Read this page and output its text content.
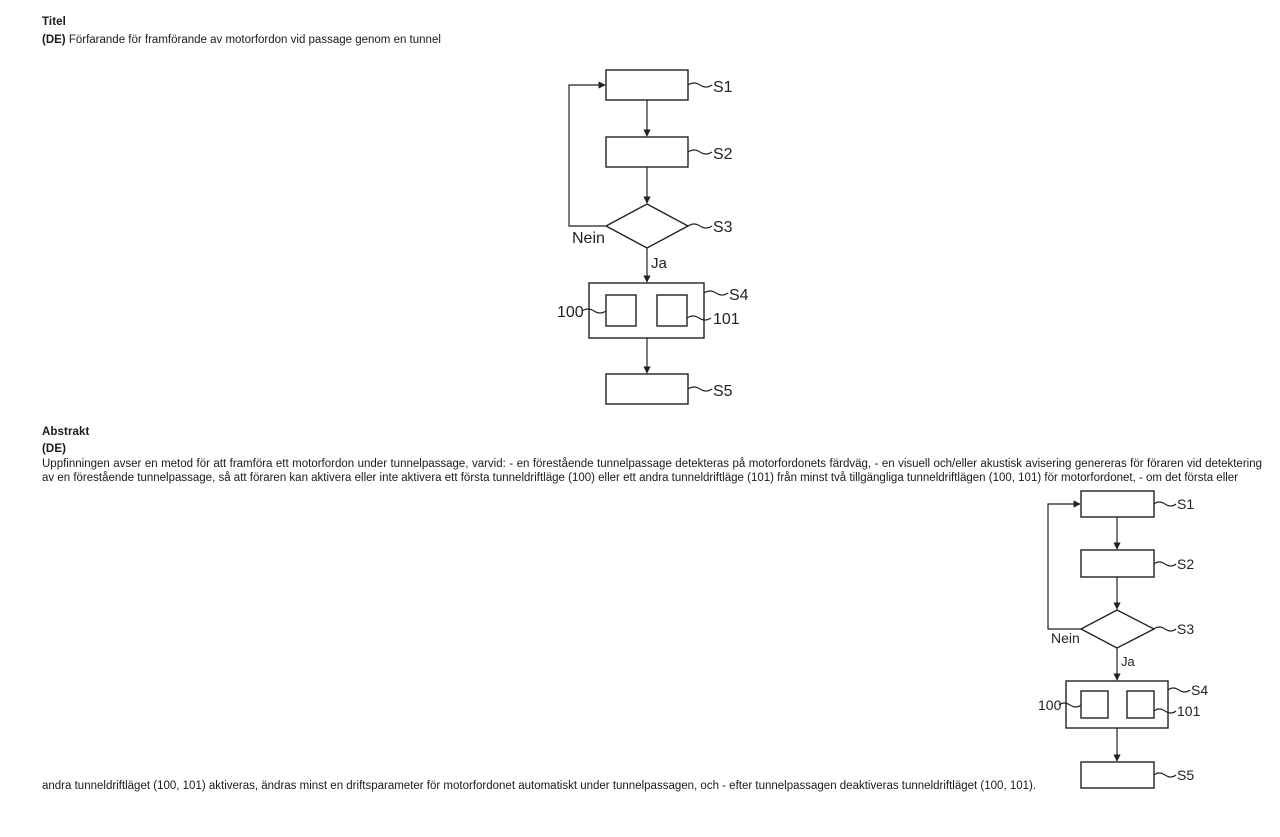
Titel
(DE) Förfarande för framförande av motorfordon vid passage genom en tunnel
S1
S2
S3
S4
101
100
S5
Nein
Ja
Abstrakt
(DE)
Uppfinningen avser en metod för att framföra ett motorfordon under tunnelpassage, varvid: - en förestående tunnelpassage detekteras på motorfordonets färdväg, - en visuell och/eller akustisk avisering genereras för föraren vid detektering av en förestående tunnelpassage, så att föraren kan aktivera eller inte aktivera ett första tunneldriftläge (100) eller ett andra tunneldriftläge (101) från minst två tillgängliga tunneldriftlägen (100, 101) för motorfordonet, - om det första eller
andra tunneldriftläget (100, 101) aktiveras, ändras minst en driftsparameter för motorfordonet automatiskt under tunnelpassagen, och - efter tunnelpassagen deaktiveras tunneldriftläget (100, 101).
S1
S2
S3
S4
101
100
S5
Nein
Ja
